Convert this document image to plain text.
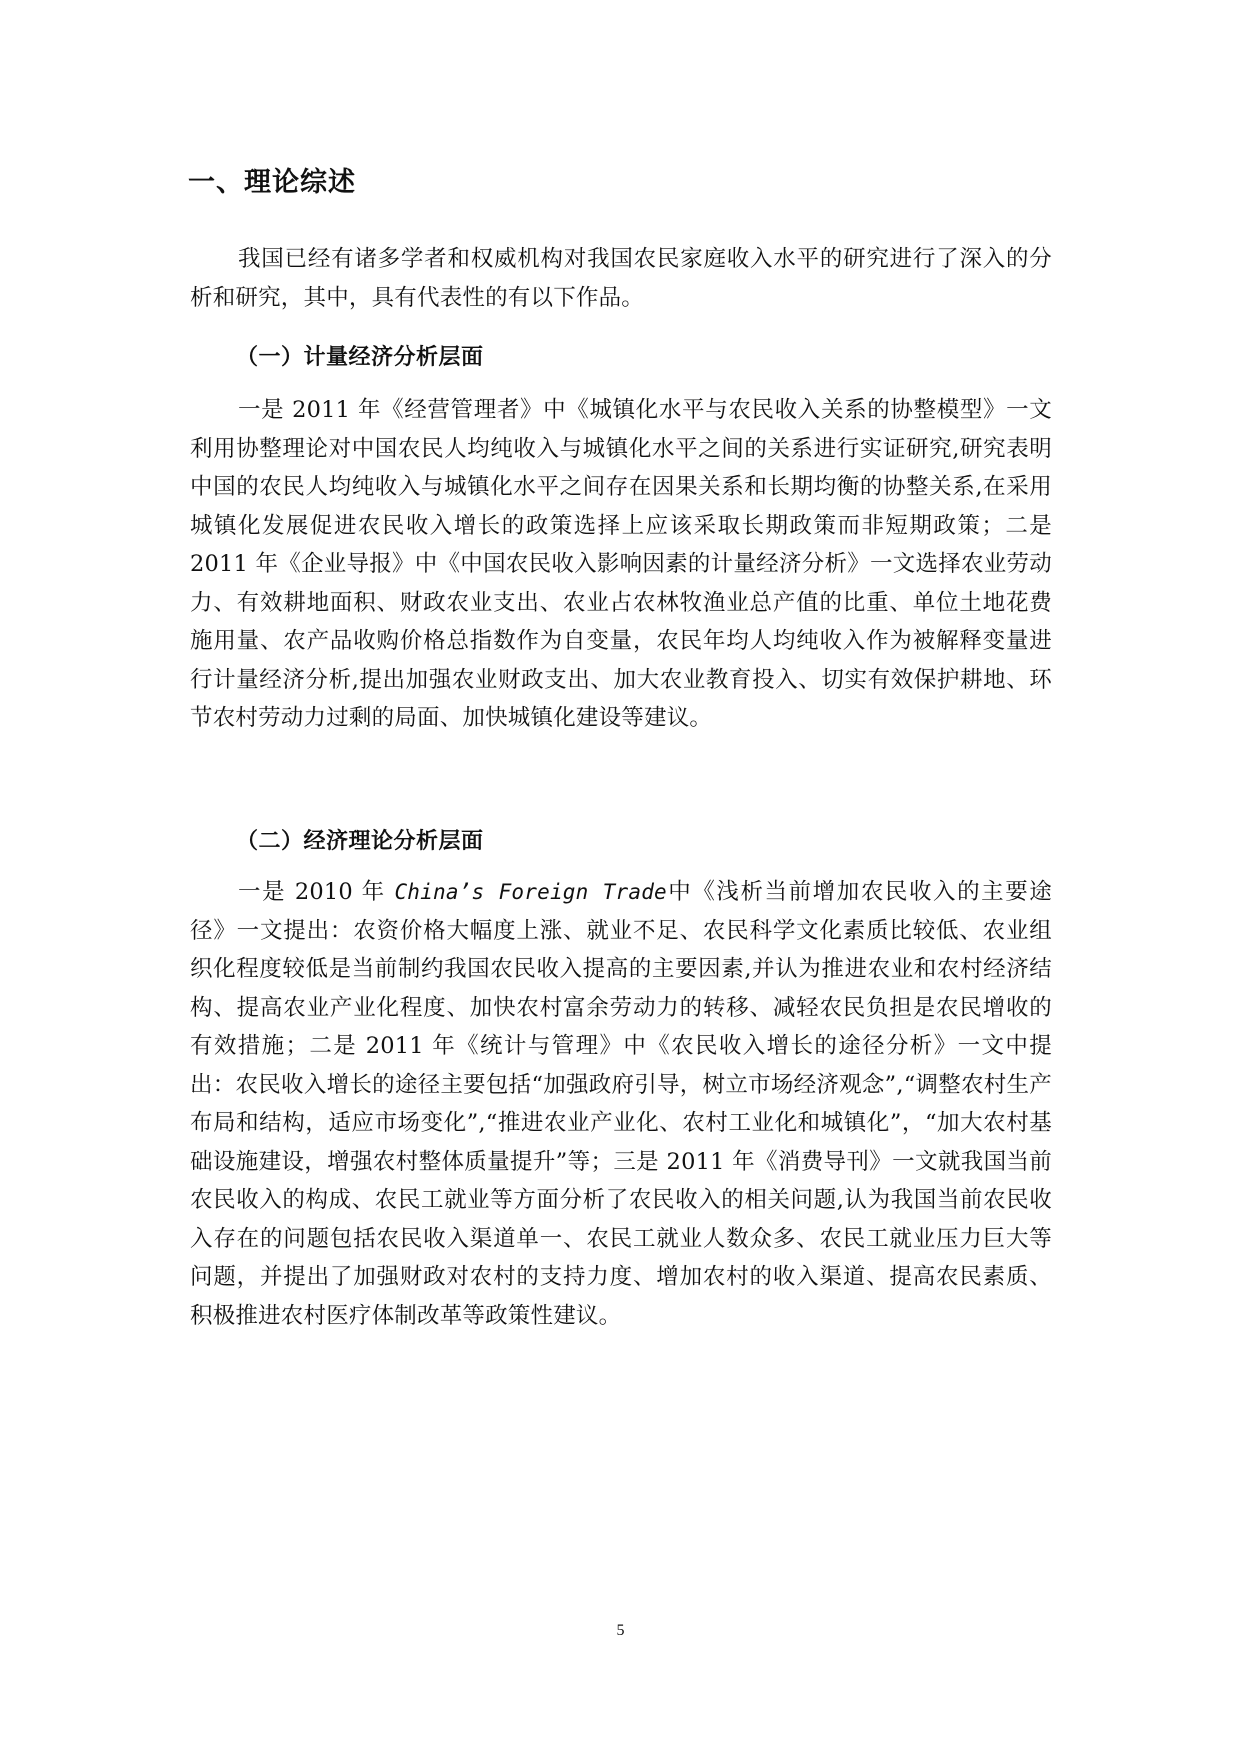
一、理论综述

我国已经有诸多学者和权威机构对我国农民家庭收入水平的研究进行了深入的分析和研究，其中，具有代表性的有以下作品。

（一）计量经济分析层面

一是 2011 年《经营管理者》中《城镇化水平与农民收入关系的协整模型》一文利用协整理论对中国农民人均纯收入与城镇化水平之间的关系进行实证研究,研究表明中国的农民人均纯收入与城镇化水平之间存在因果关系和长期均衡的协整关系,在采用城镇化发展促进农民收入增长的政策选择上应该采取长期政策而非短期政策；二是 2011 年《企业导报》中《中国农民收入影响因素的计量经济分析》一文选择农业劳动力、有效耕地面积、财政农业支出、农业占农林牧渔业总产值的比重、单位土地花费施用量、农产品收购价格总指数作为自变量，农民年均人均纯收入作为被解释变量进行计量经济分析,提出加强农业财政支出、加大农业教育投入、切实有效保护耕地、环节农村劳动力过剩的局面、加快城镇化建设等建议。

（二）经济理论分析层面

一是 2010 年 China’s Foreign Trade中《浅析当前增加农民收入的主要途径》一文提出：农资价格大幅度上涨、就业不足、农民科学文化素质比较低、农业组织化程度较低是当前制约我国农民收入提高的主要因素,并认为推进农业和农村经济结构、提高农业产业化程度、加快农村富余劳动力的转移、减轻农民负担是农民增收的有效措施；二是 2011 年《统计与管理》中《农民收入增长的途径分析》一文中提出：农民收入增长的途径主要包括“加强政府引导，树立市场经济观念”,“调整农村生产布局和结构，适应市场变化”,“推进农业产业化、农村工业化和城镇化”，“加大农村基础设施建设，增强农村整体质量提升”等；三是 2011 年《消费导刊》一文就我国当前农民收入的构成、农民工就业等方面分析了农民收入的相关问题,认为我国当前农民收入存在的问题包括农民收入渠道单一、农民工就业人数众多、农民工就业压力巨大等问题，并提出了加强财政对农村的支持力度、增加农村的收入渠道、提高农民素质、积极推进农村医疗体制改革等政策性建议。

5
